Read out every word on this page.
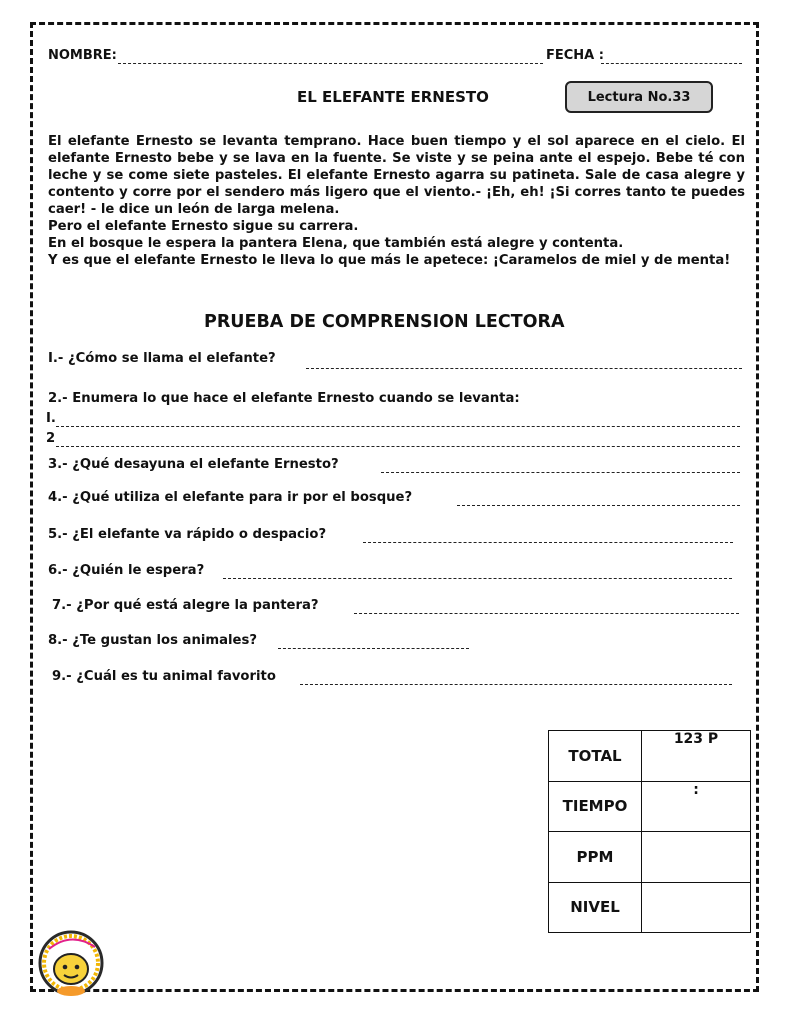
NOMBRE:	FECHA :
EL ELEFANTE ERNESTO	Lectura No.33

El elefante Ernesto se levanta temprano. Hace buen tiempo y el sol aparece en el cielo. El elefante Ernesto bebe y se lava en la fuente. Se viste y se peina ante el espejo. Bebe té con leche y se come siete pasteles. El elefante Ernesto agarra su patineta. Sale de casa alegre y contento y corre por el sendero más ligero que el viento.- ¡Eh, eh! ¡Si corres tanto te puedes caer! - le dice un león de larga melena.

Pero el elefante Ernesto sigue su carrera.

En el bosque le espera la pantera Elena, que también está alegre y contenta.

Y es que el elefante Ernesto le lleva lo que más le apetece: ¡Caramelos de miel y de menta!

PRUEBA DE COMPRENSION LECTORA
I.- ¿Cómo se llama el elefante?
2.- Enumera lo que hace el elefante Ernesto cuando se levanta:
I.
2
3.- ¿Qué desayuna el elefante Ernesto?
4.- ¿Qué utiliza el elefante para ir por el bosque?
5.- ¿El elefante va rápido o despacio?
6.- ¿Quién le espera?
7.- ¿Por qué está alegre la pantera?
8.- ¿Te gustan los animales?
9.- ¿Cuál es tu animal favorito
TOTAL	123 P
TIEMPO	:
PPM	
NIVEL	
